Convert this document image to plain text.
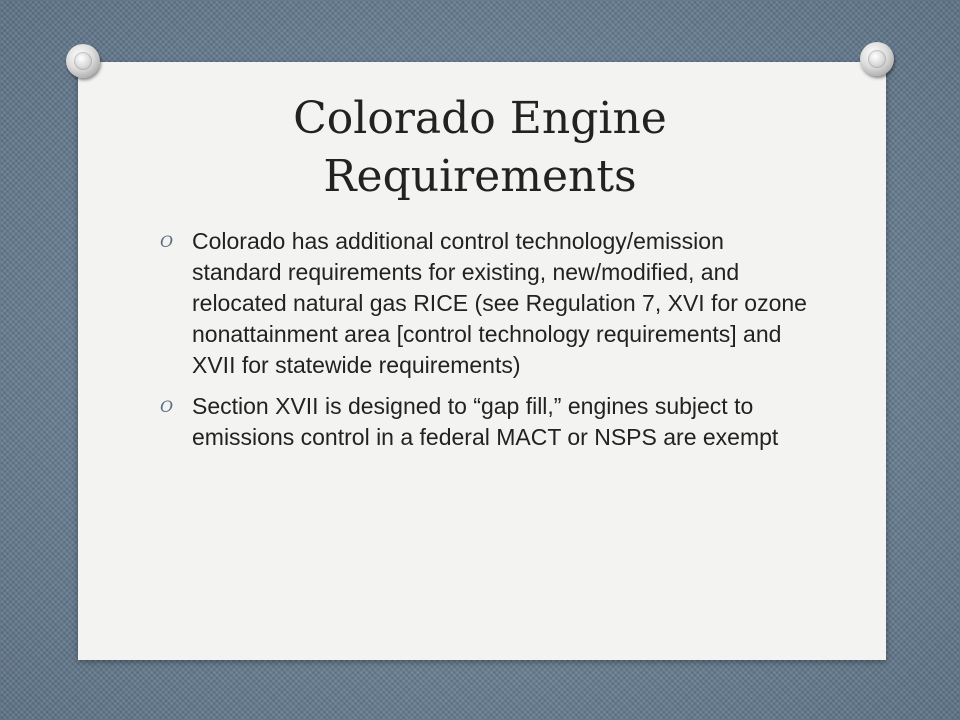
Colorado Engine
Requirements
O Colorado has additional control technology/emission standard requirements for existing, new/modified, and relocated natural gas RICE (see Regulation 7, XVI for ozone nonattainment area [control technology requirements] and XVII for statewide requirements)
O Section XVII is designed to “gap fill,” engines subject to emissions control in a federal MACT or NSPS are exempt
